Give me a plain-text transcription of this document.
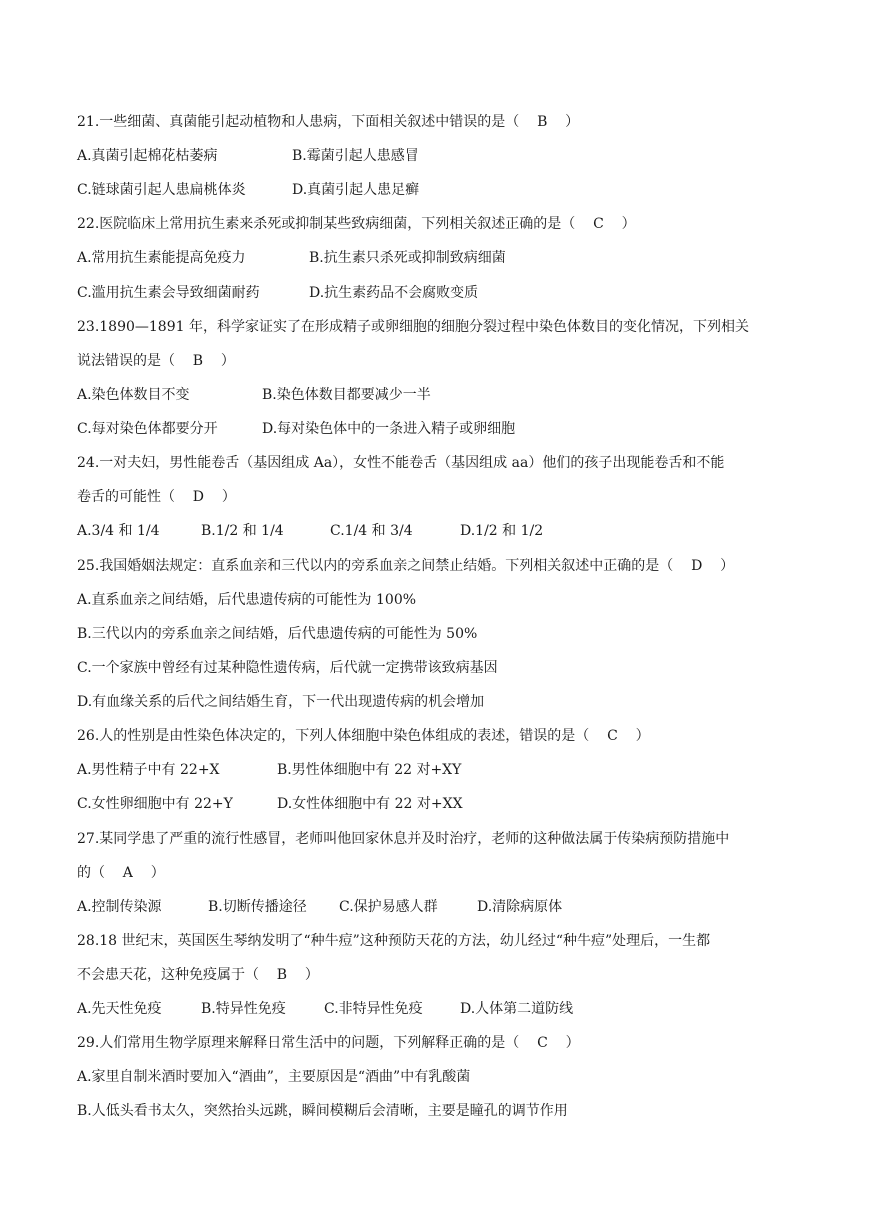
21.一些细菌、真菌能引起动植物和人患病，下面相关叙述中错误的是（    B    ）
A.真菌引起棉花枯萎病	B.霉菌引起人患感冒
C.链球菌引起人患扁桃体炎	D.真菌引起人患足癣
22.医院临床上常用抗生素来杀死或抑制某些致病细菌，下列相关叙述正确的是（    C    ）
A.常用抗生素能提高免疫力	B.抗生素只杀死或抑制致病细菌
C.滥用抗生素会导致细菌耐药	D.抗生素药品不会腐败变质
23.1890—1891 年，科学家证实了在形成精子或卵细胞的细胞分裂过程中染色体数目的变化情况，下列相关
说法错误的是（    B    ）
A.染色体数目不变	B.染色体数目都要减少一半
C.每对染色体都要分开	D.每对染色体中的一条进入精子或卵细胞
24.一对夫妇，男性能卷舌（基因组成 Aa），女性不能卷舌（基因组成 aa）他们的孩子出现能卷舌和不能
卷舌的可能性（    D    ）
A.3/4 和 1/4	B.1/2 和 1/4	C.1/4 和 3/4	D.1/2 和 1/2
25.我国婚姻法规定：直系血亲和三代以内的旁系血亲之间禁止结婚。下列相关叙述中正确的是（    D    ）
A.直系血亲之间结婚，后代患遗传病的可能性为 100%
B.三代以内的旁系血亲之间结婚，后代患遗传病的可能性为 50%
C.一个家族中曾经有过某种隐性遗传病，后代就一定携带该致病基因
D.有血缘关系的后代之间结婚生育，下一代出现遗传病的机会增加
26.人的性别是由性染色体决定的，下列人体细胞中染色体组成的表述，错误的是（    C    ）
A.男性精子中有 22+X	B.男性体细胞中有 22 对+XY
C.女性卵细胞中有 22+Y	D.女性体细胞中有 22 对+XX
27.某同学患了严重的流行性感冒，老师叫他回家休息并及时治疗，老师的这种做法属于传染病预防措施中
的（    A    ）
A.控制传染源	B.切断传播途径 C.保护易感人群	D.清除病原体
28.18 世纪末，英国医生琴纳发明了“种牛痘”这种预防天花的方法，幼儿经过“种牛痘”处理后，一生都
不会患天花，这种免疫属于（    B    ）
A.先天性免疫	B.特异性免疫	C.非特异性免疫	D.人体第二道防线
29.人们常用生物学原理来解释日常生活中的问题，下列解释正确的是（    C    ）
A.家里自制米酒时要加入“酒曲”，主要原因是“酒曲”中有乳酸菌
B.人低头看书太久，突然抬头远跳，瞬间模糊后会清晰，主要是瞳孔的调节作用
